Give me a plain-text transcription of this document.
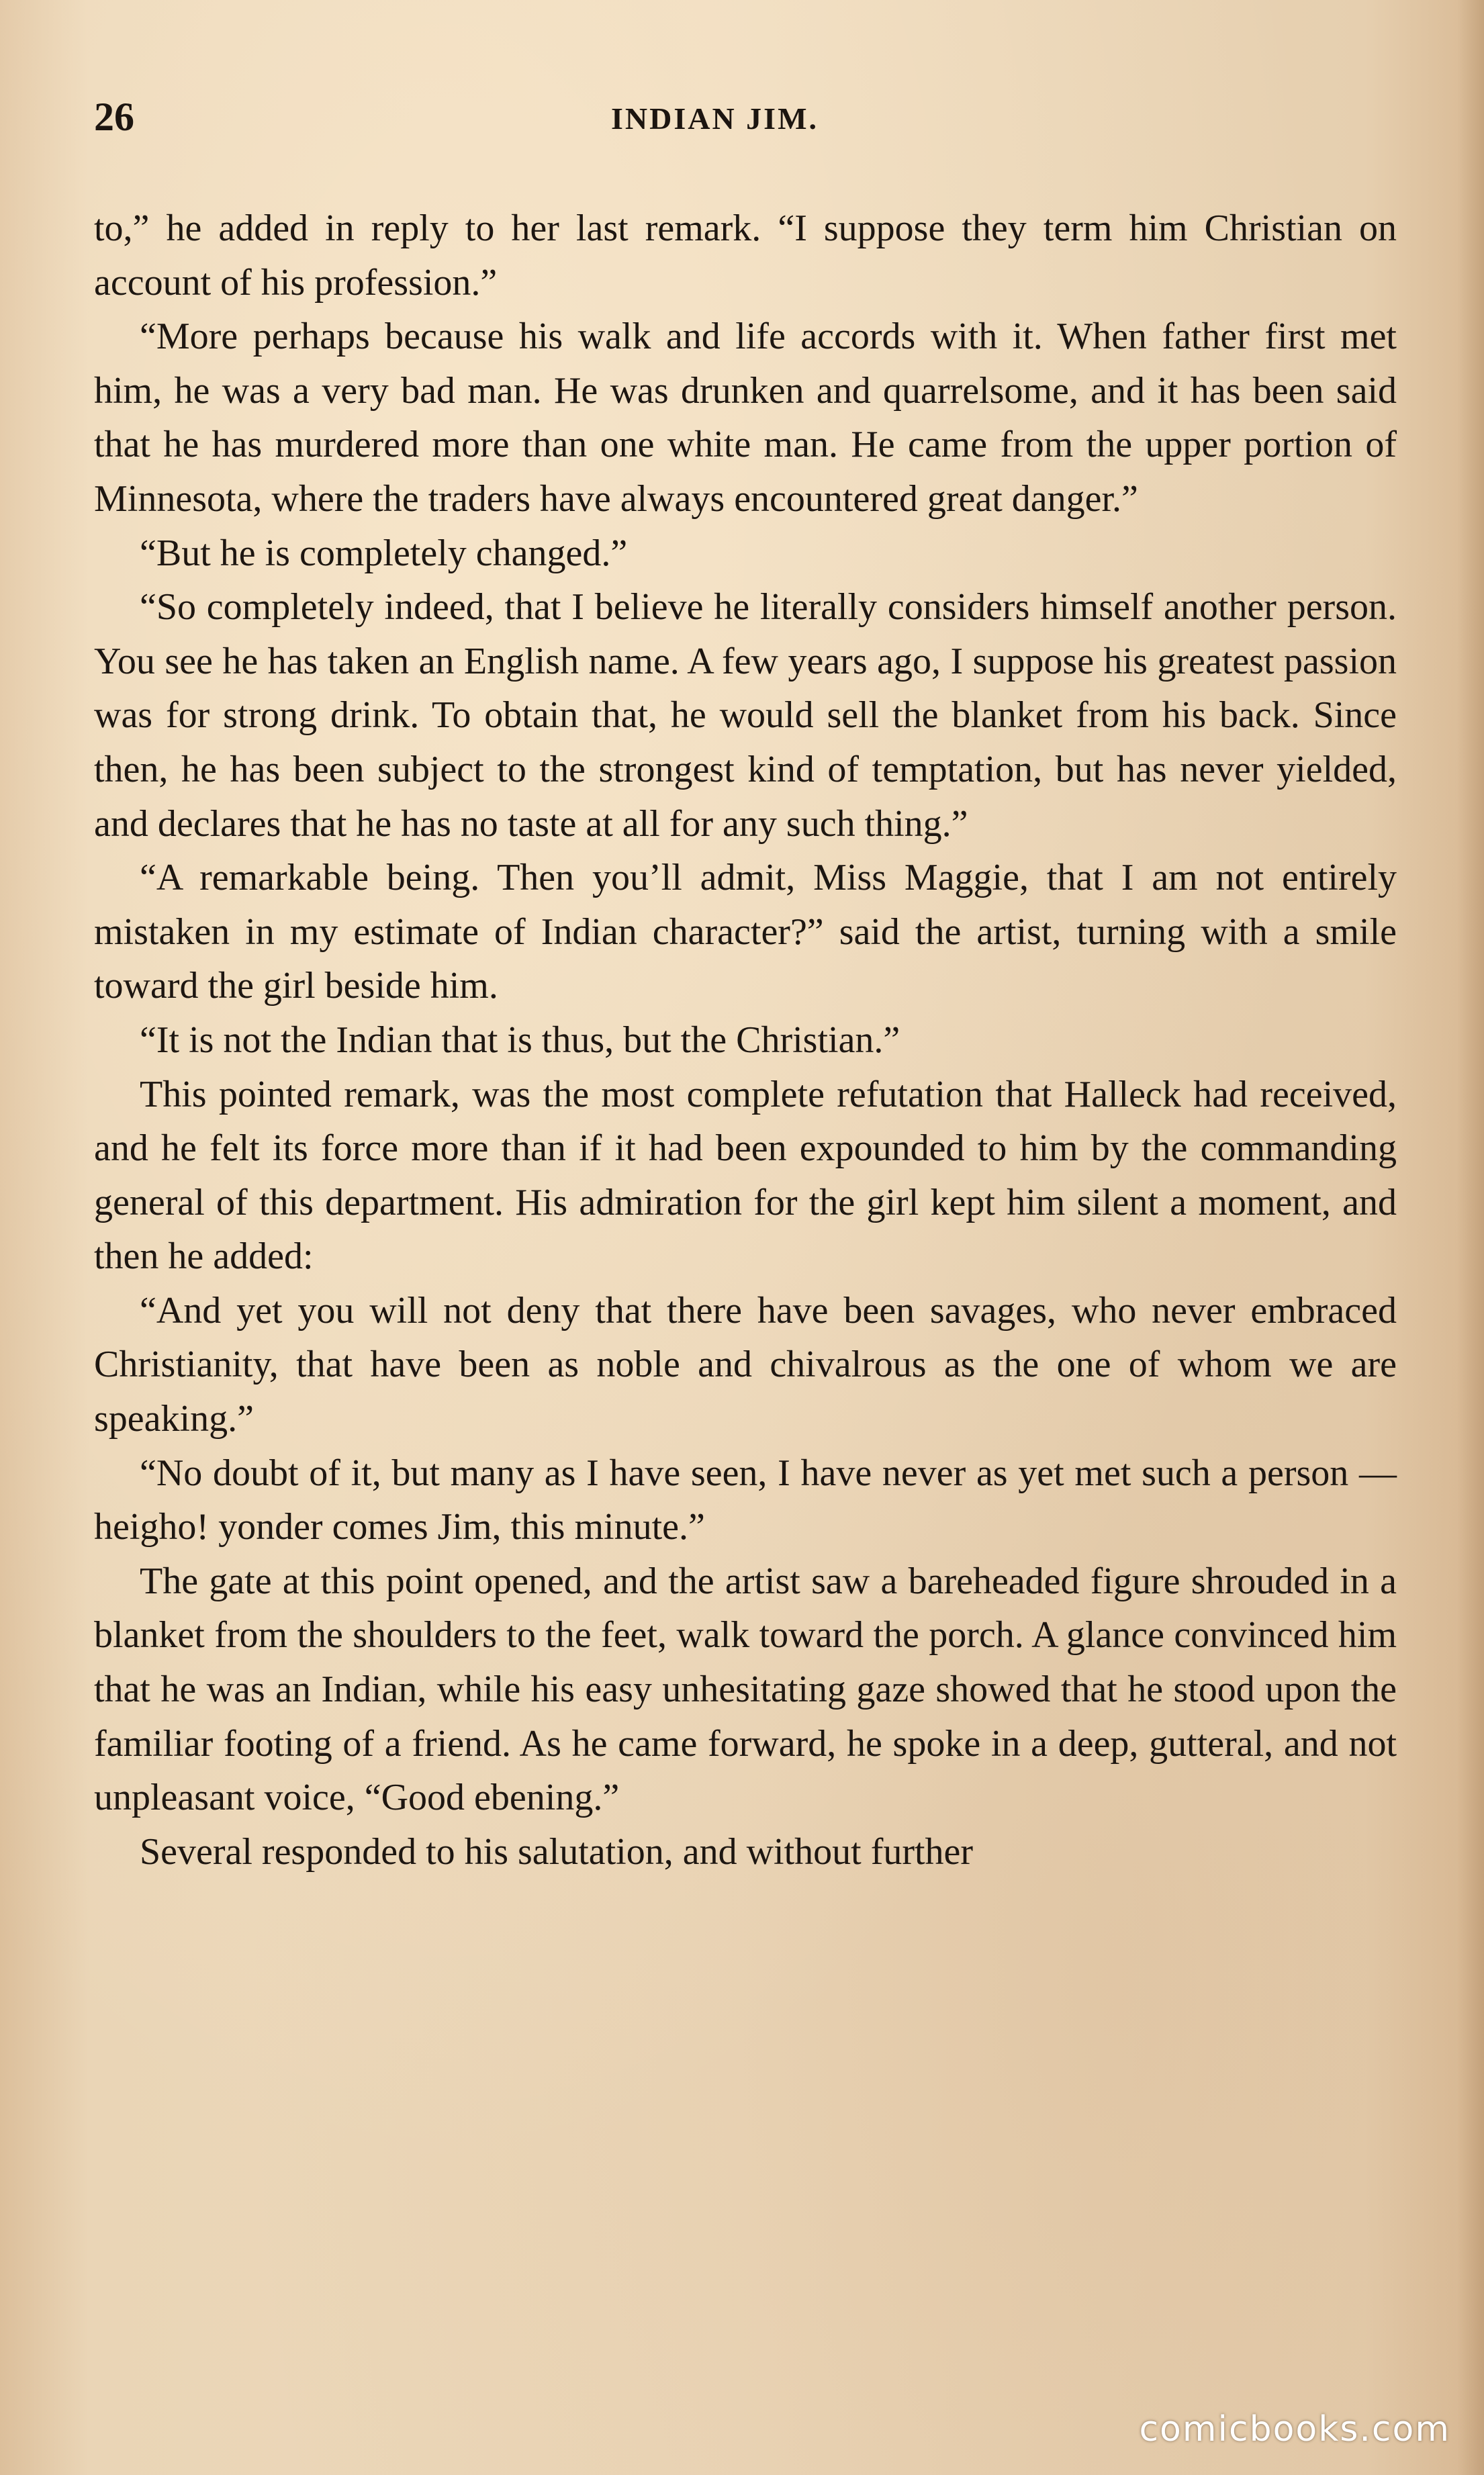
26	INDIAN JIM.

to,” he added in reply to her last remark. “I suppose they term him Christian on account of his profession.”

“More perhaps because his walk and life accords with it. When father first met him, he was a very bad man. He was drunken and quarrelsome, and it has been said that he has murdered more than one white man. He came from the upper portion of Minnesota, where the traders have always encountered great danger.”

“But he is completely changed.”

“So completely indeed, that I believe he literally considers himself another person. You see he has taken an English name. A few years ago, I suppose his greatest passion was for strong drink. To obtain that, he would sell the blanket from his back. Since then, he has been subject to the strongest kind of temptation, but has never yielded, and declares that he has no taste at all for any such thing.”

“A remarkable being. Then you’ll admit, Miss Maggie, that I am not entirely mistaken in my estimate of Indian character?” said the artist, turning with a smile toward the girl beside him.

“It is not the Indian that is thus, but the Christian.”

This pointed remark, was the most complete refutation that Halleck had received, and he felt its force more than if it had been expounded to him by the commanding general of this department. His admiration for the girl kept him silent a moment, and then he added:

“And yet you will not deny that there have been savages, who never embraced Christianity, that have been as noble and chivalrous as the one of whom we are speaking.”

“No doubt of it, but many as I have seen, I have never as yet met such a person — heigho! yonder comes Jim, this minute.”

The gate at this point opened, and the artist saw a bareheaded figure shrouded in a blanket from the shoulders to the feet, walk toward the porch. A glance convinced him that he was an Indian, while his easy unhesitating gaze showed that he stood upon the familiar footing of a friend. As he came forward, he spoke in a deep, gutteral, and not unpleasant voice, “Good ebening.”

Several responded to his salutation, and without further

comicbooks.com
